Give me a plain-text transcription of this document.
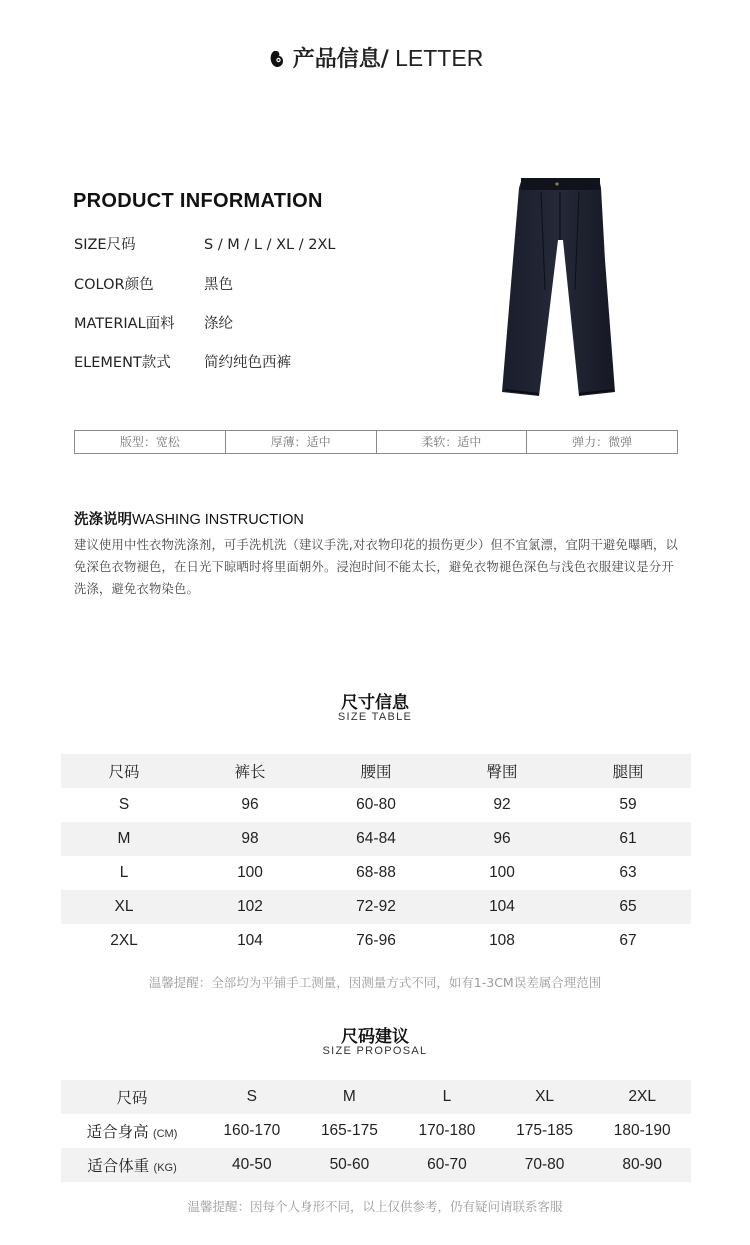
产品信息/ LETTER
PRODUCT INFORMATION
SIZE尺码	S / M / L / XL / 2XL
COLOR颜色	黑色
MATERIAL面料 涤纶
ELEMENT款式 简约纯色西裤
版型：宽松	厚薄：适中	柔软：适中	弹力：微弹
洗涤说明WASHING INSTRUCTION
建议使用中性衣物洗涤剂，可手洗机洗（建议手洗,对衣物印花的损伤更少）但不宜氯漂，宜阴干避免曝晒，以免深色衣物褪色，在日光下晾晒时将里面朝外。浸泡时间不能太长，避免衣物褪色深色与浅色衣服建议是分开洗涤，避免衣物染色。
尺寸信息
SIZE TABLE
尺码	裤长	腰围	臀围	腿围
S	96	60-80	92	59
M	98	64-84	96	61
L	100	68-88	100	63
XL	102	72-92	104	65
2XL	104	76-96	108	67
温馨提醒：全部均为平铺手工测量，因测量方式不同，如有1-3CM误差属合理范围
尺码建议
SIZE PROPOSAL
尺码	S	M	L	XL	2XL
适合身高 (CM)	160-170	165-175	170-180	175-185	180-190
适合体重 (KG)	40-50	50-60	60-70	70-80	80-90
温馨提醒：因每个人身形不同，以上仅供参考，仍有疑问请联系客服
